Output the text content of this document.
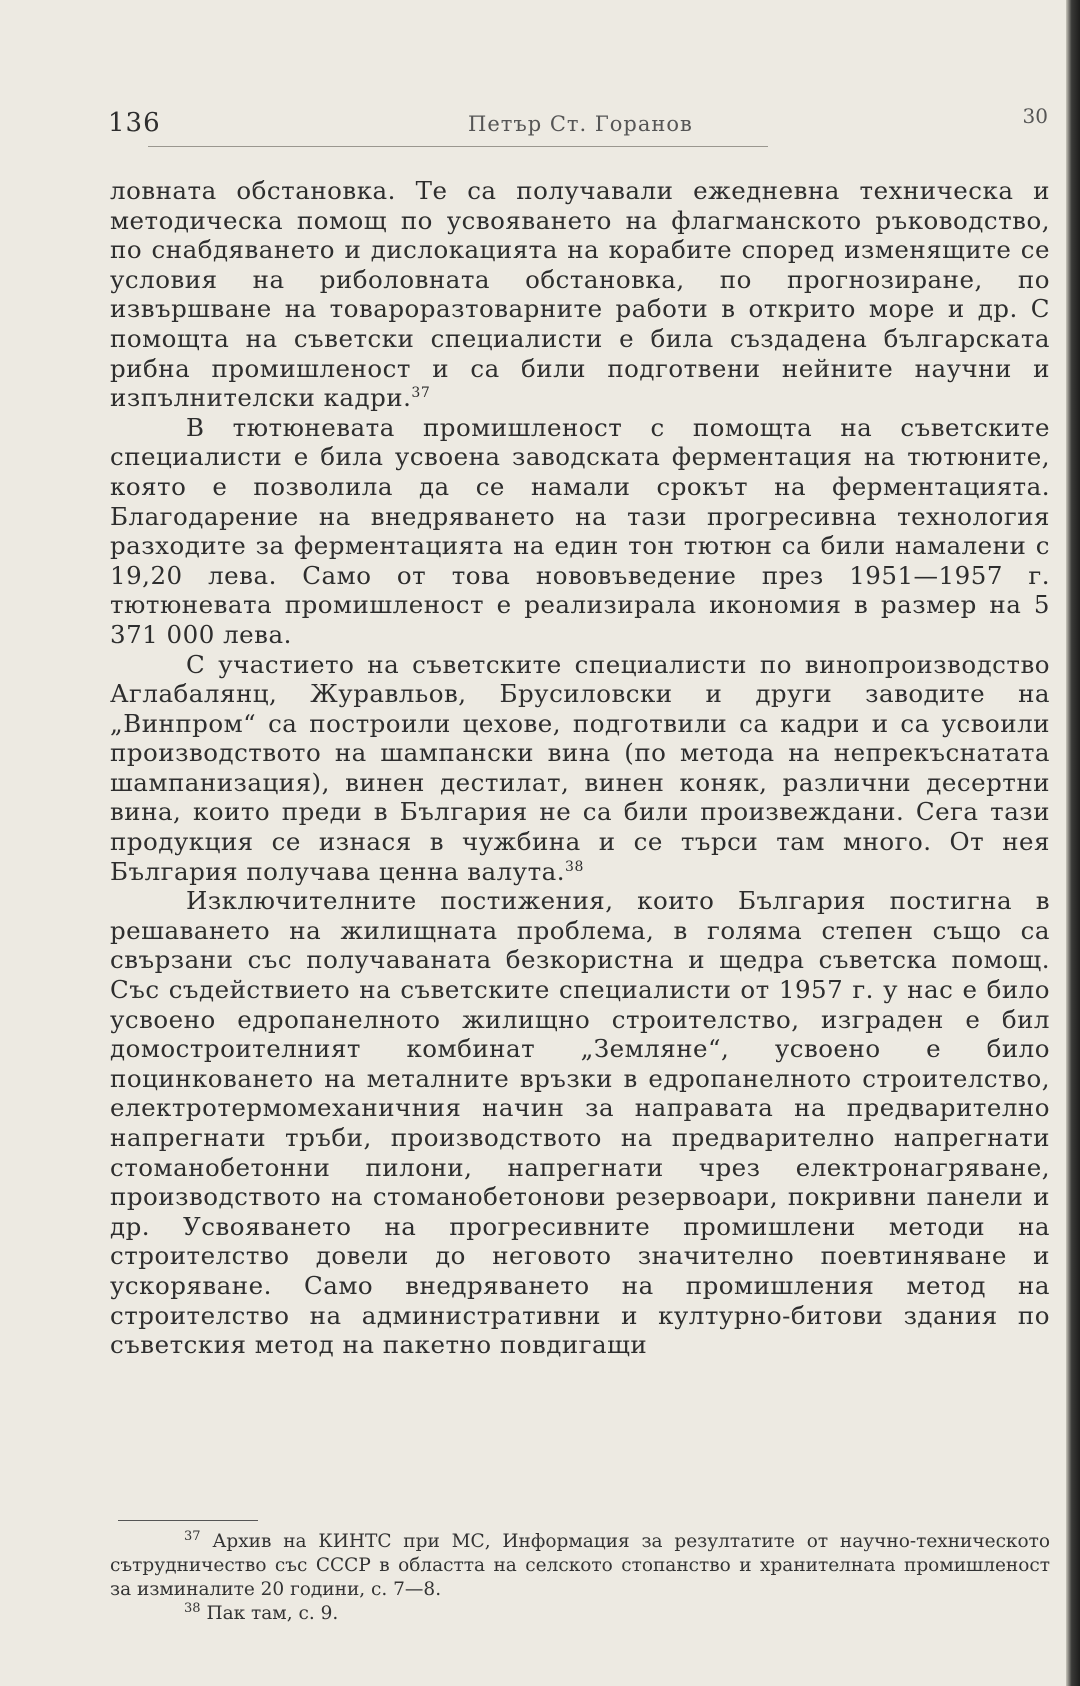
136	Петър Ст. Горанов	30

ловната обстановка. Те са получавали ежедневна техническа и методическа помощ по усвояването на флагманското ръководство, по снабдяването и дислокацията на корабите според изменящите се условия на риболовната обстановка, по прогнозиране, по извършване на товароразтоварните работи в открито море и др. С помощта на съветски специалисти е била създадена българската рибна промишленост и са били подготвени нейните научни и изпълнителски кадри.$^{37}$

В тютюневата промишленост с помощта на съветските специалисти е била усвоена заводската ферментация на тютюните, която е позволила да се намали срокът на ферментацията. Благодарение на внедряването на тази прогресивна технология разходите за ферментацията на един тон тютюн са били намалени с 19,20 лева. Само от това нововъведение през 1951—1957 г. тютюневата промишленост е реализирала икономия в размер на 5 371 000 лева.

С участието на съветските специалисти по винопроизводство Аглабалянц, Журавльов, Брусиловски и други заводите на „Винпром“ са построили цехове, подготвили са кадри и са усвоили производството на шампански вина (по метода на непрекъснатата шампанизация), винен дестилат, винен коняк, различни десертни вина, които преди в България не са били произвеждани. Сега тази продукция се изнася в чужбина и се търси там много. От нея България получава ценна валута.$^{38}$

Изключителните постижения, които България постигна в решаването на жилищната проблема, в голяма степен също са свързани със получаваната безкористна и щедра съветска помощ. Със съдействието на съветските специалисти от 1957 г. у нас е било усвоено едропанелното жилищно строителство, изграден е бил домостроителният комбинат „Земляне“, усвоено е било поцинковането на металните връзки в едропанелното строителство, електротермомеханичния начин за направата на предварително напрегнати тръби, производството на предварително напрегнати стоманобетонни пилони, напрегнати чрез електронагряване, производството на стоманобетонови резервоари, покривни панели и др. Усвояването на прогресивните промишлени методи на строителство довели до неговото значително поевтиняване и ускоряване. Само внедряването на промишления метод на строителство на административни и културно-битови здания по съветския метод на пакетно повдигащи

$^{37}$ Архив на КИНТС при МС, Информация за резултатите от научно-техническото сътрудничество със СССР в областта на селското стопанство и хранителната промишленост за изминалите 20 години, с. 7—8.

$^{38}$ Пак там, с. 9.
